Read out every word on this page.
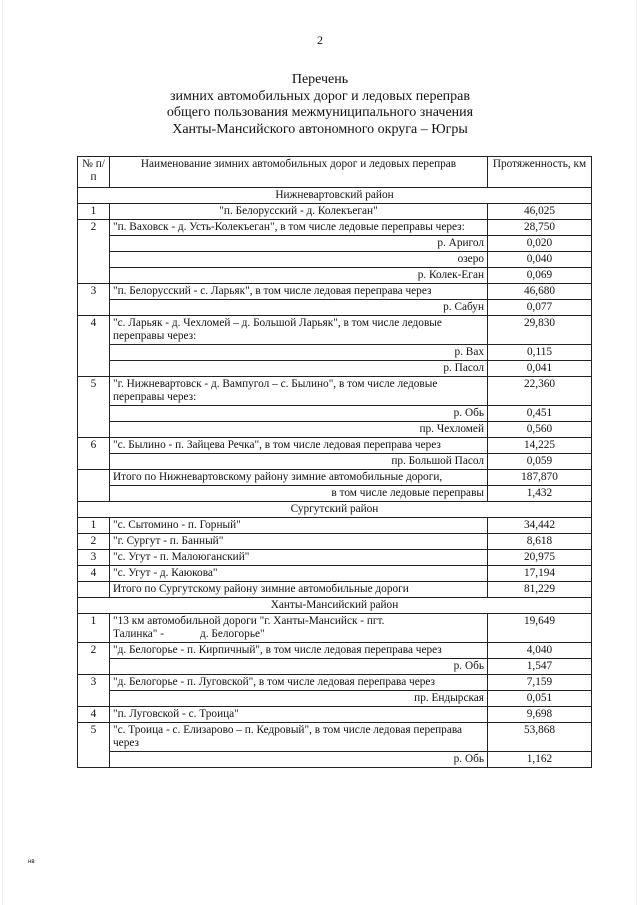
2
Перечень
зимних автомобильных дорог и ледовых переправ
общего пользования межмуниципального значения
Ханты-Мансийского автономного округа – Югры
№ п/п	Наименование зимних автомобильных дорог и ледовых переправ	Протяженность, км
Нижневартовский район		
1	"п. Белорусский - д. Колекъеган"	46,025
2	"п. Ваховск - д. Усть-Колекъеган", в том числе ледовые переправы через:	28,750
	р. Аригол	0,020
	озеро	0,040
	р. Колек-Еган	0,069
3	"п. Белорусский - с. Ларьяк", в том числе ледовая переправа через	46,680
	р. Сабун	0,077
4	"с. Ларьяк - д. Чехломей – д. Большой Ларьяк", в том числе ледовые переправы через:	29,830
	р. Вах	0,115
	р. Пасол	0,041
5	"г. Нижневартовск - д. Вампугол – с. Былино", в том числе ледовые переправы через:	22,360
	р. Обь	0,451
	пр. Чехломей	0,560
6	"с. Былино - п. Зайцева Речка", в том числе ледовая переправа через	14,225
	пр. Большой Пасол	0,059
	Итого по Нижневартовскому району зимние автомобильные дороги,	187,870
	в том числе ледовые переправы	1,432
Сургутский район		
1	"с. Сытомино - п. Горный"	34,442
2	"г. Сургут - п. Банный"	8,618
3	"с. Угут - п. Малоюганский"	20,975
4	"с. Угут - д. Каюкова"	17,194
	Итого по Сургутскому району зимние автомобильные дороги	81,229
Ханты-Мансийский район		
1	"13 км автомобильной дороги "г. Ханты-Мансийск - пгт.
Талинка" - д. Белогорье"	19,649
2	"д. Белогорье - п. Кирпичный", в том числе ледовая переправа через	4,040
	р. Обь	1,547
3	"д. Белогорье - п. Луговской", в том числе ледовая переправа через	7,159
	пр. Ендырская	0,051
4	"п. Луговской - с. Троица"	9,698
5	"с. Троица - с. Елизарово – п. Кедровый", в том числе ледовая переправа через	53,868
	р. Обь	1,162
нв
